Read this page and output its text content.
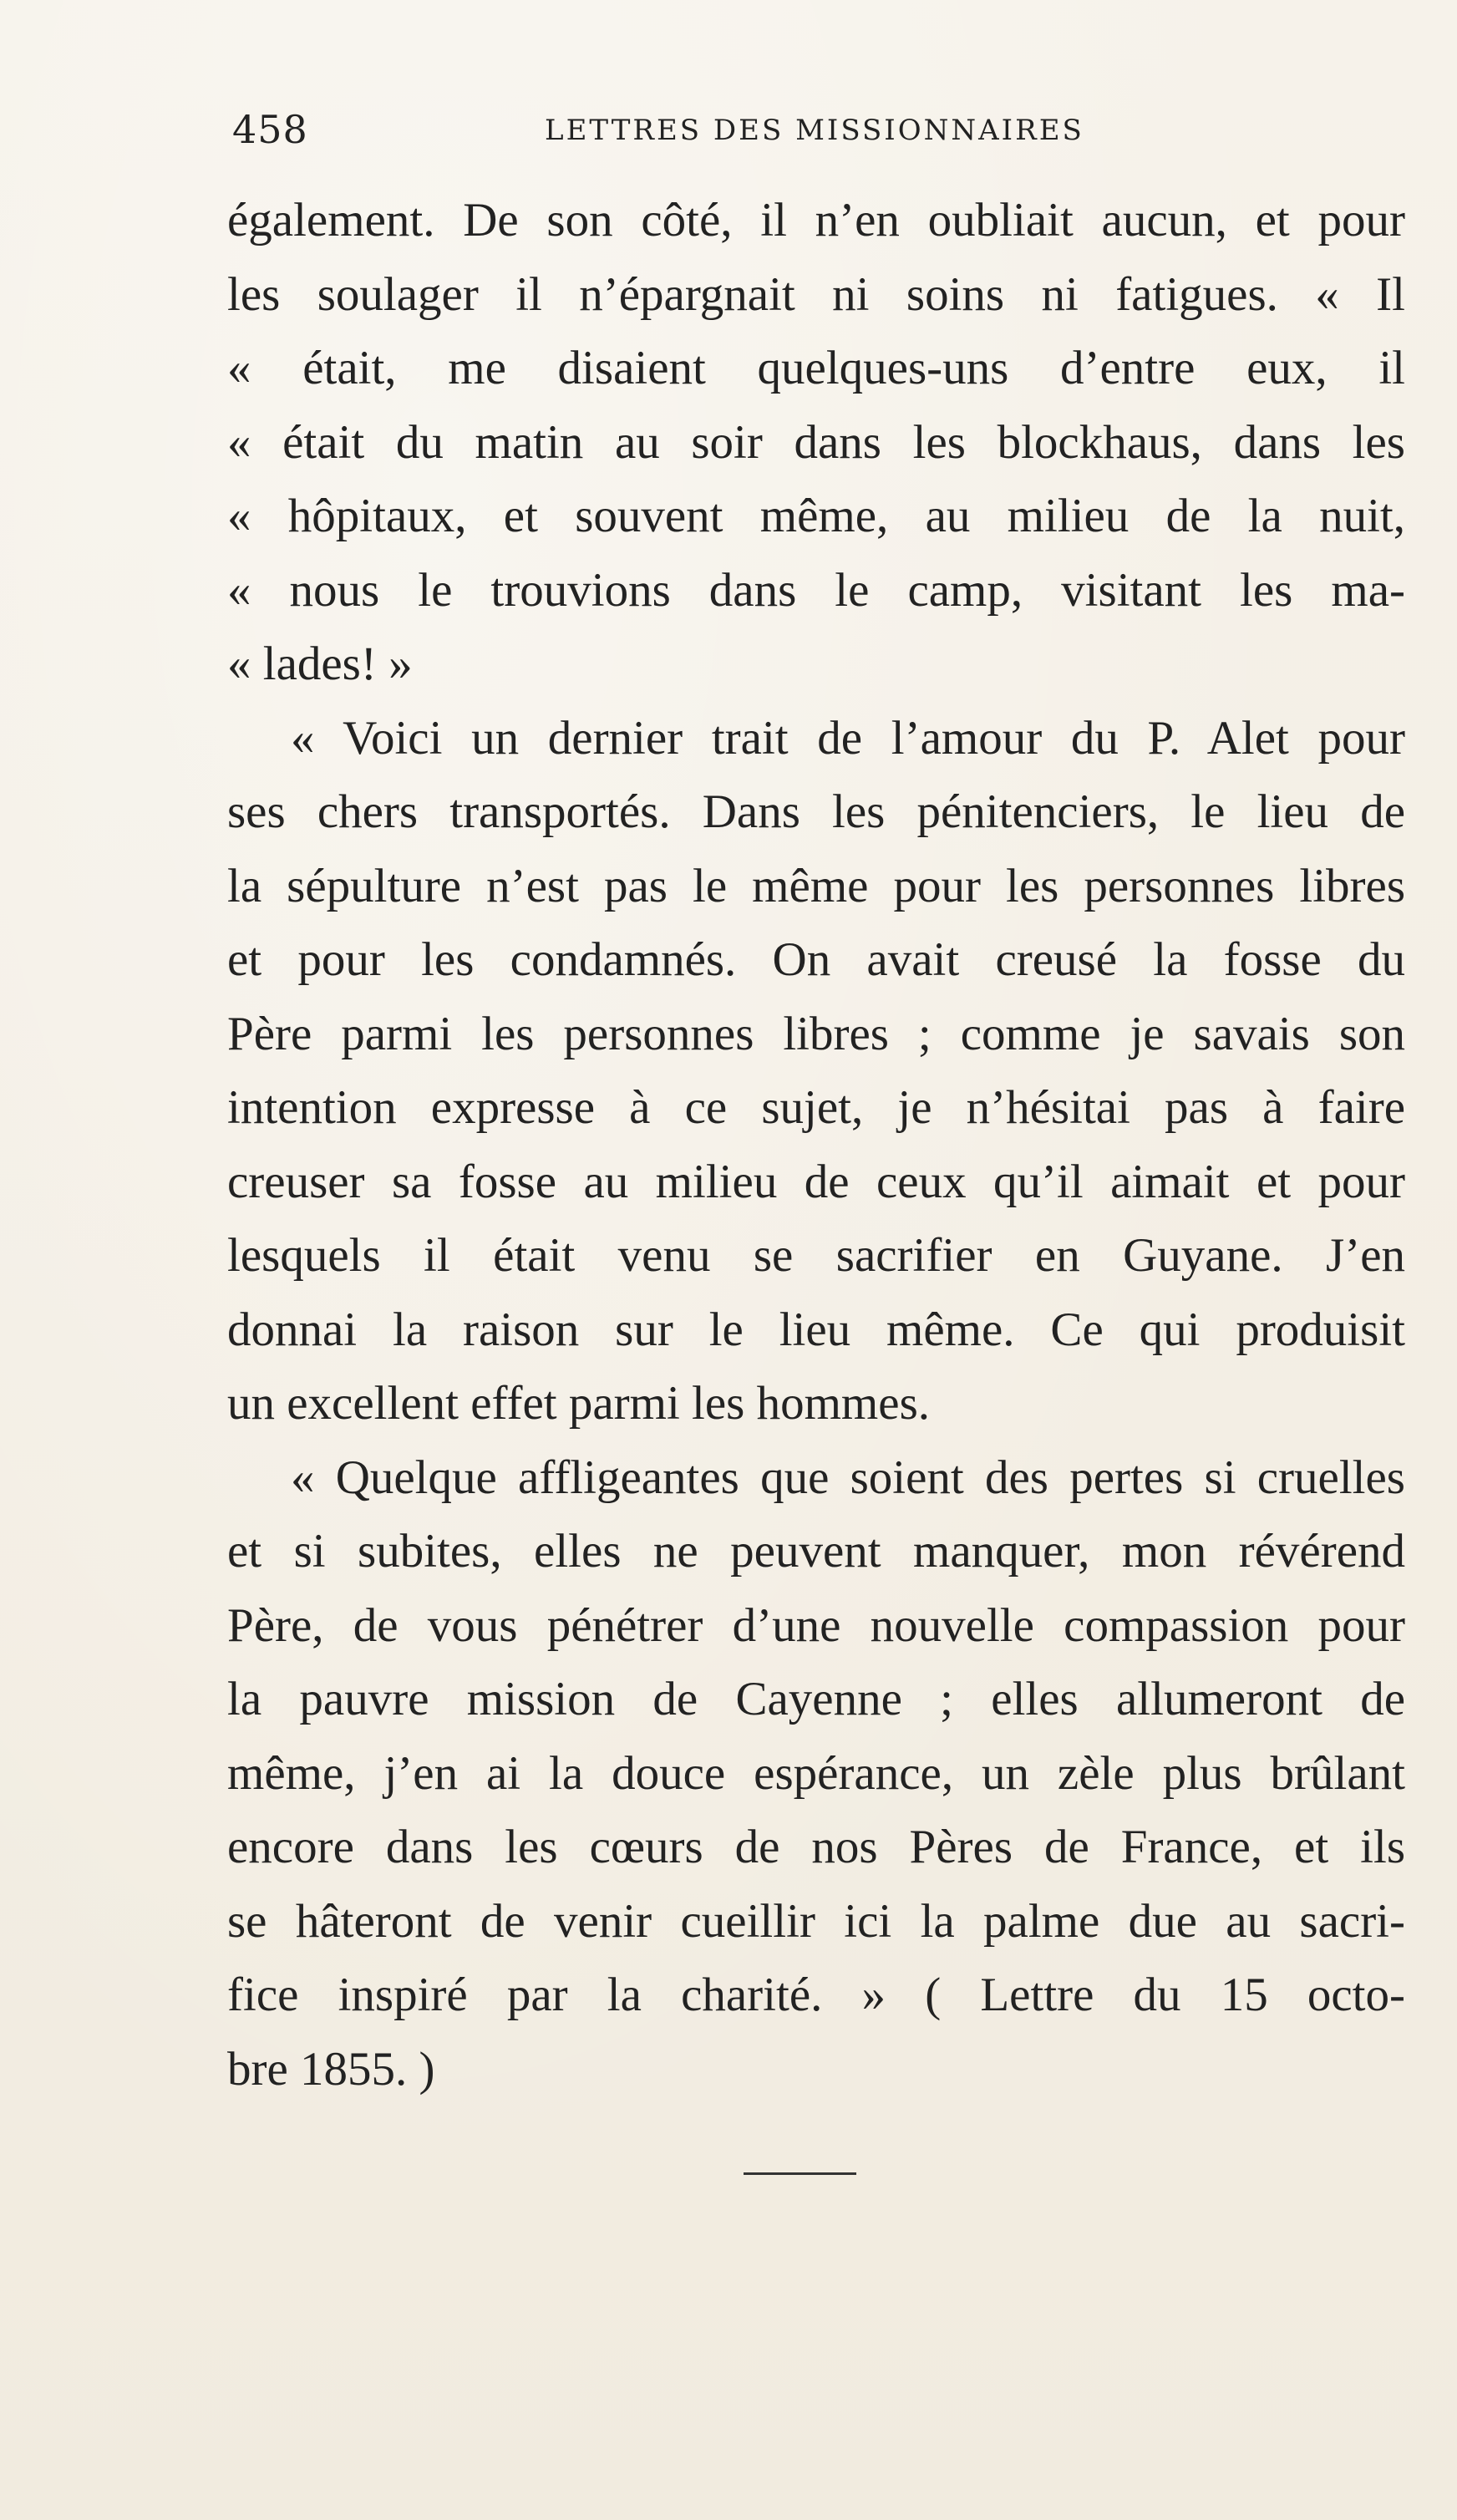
458	LETTRES DES MISSIONNAIRES
également. De son côté, il n’en oubliait aucun, et pour
les soulager il n’épargnait ni soins ni fatigues. « Il
« était, me disaient quelques-uns d’entre eux, il
« était du matin au soir dans les blockhaus, dans les
« hôpitaux, et souvent même, au milieu de la nuit,
« nous le trouvions dans le camp, visitant les ma-
« lades! »
« Voici un dernier trait de l’amour du P. Alet pour
ses chers transportés. Dans les pénitenciers, le lieu de
la sépulture n’est pas le même pour les personnes libres
et pour les condamnés. On avait creusé la fosse du
Père parmi les personnes libres ; comme je savais son
intention expresse à ce sujet, je n’hésitai pas à faire
creuser sa fosse au milieu de ceux qu’il aimait et pour
lesquels il était venu se sacrifier en Guyane. J’en
donnai la raison sur le lieu même. Ce qui produisit
un excellent effet parmi les hommes.
« Quelque affligeantes que soient des pertes si cruelles
et si subites, elles ne peuvent manquer, mon révérend
Père, de vous pénétrer d’une nouvelle compassion pour
la pauvre mission de Cayenne ; elles allumeront de
même, j’en ai la douce espérance, un zèle plus brûlant
encore dans les cœurs de nos Pères de France, et ils
se hâteront de venir cueillir ici la palme due au sacri-
fice inspiré par la charité. » ( Lettre du 15 octo-
bre 1855. )
